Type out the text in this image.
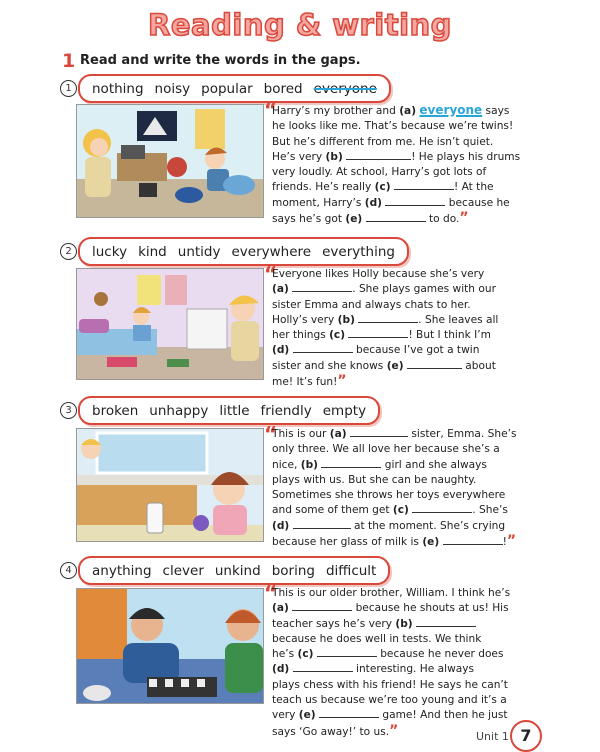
Reading & writing
1 Read and write the words in the gaps.
1	nothing noisy popular bored everyone
“
Harry’s my brother and (a) everyone says
he looks like me. That’s because we’re twins!
But he’s different from me. He isn’t quiet.
He’s very (b)	! He plays his drums
very loudly. At school, Harry’s got lots of
friends. He’s really (c)	! At the
moment, Harry’s (d)	because he
says he’s got (e)	to do.”
2	lucky kind untidy everywhere everything
“
Everyone likes Holly because she’s very
(a)	. She plays games with our
sister Emma and always chats to her.
Holly’s very (b)	. She leaves all
her things (c)	! But I think I’m
(d)	because I’ve got a twin
sister and she knows (e)	about
me! It’s fun!”
3	broken unhappy little friendly empty
“
This is our (a)	sister, Emma. She’s
only three. We all love her because she’s a
nice, (b)	girl and she always
plays with us. But she can be naughty.
Sometimes she throws her toys everywhere
and some of them get (c)	. She’s
(d)	at the moment. She’s crying
because her glass of milk is (e)	!”
4	anything clever unkind boring difficult
“
This is our older brother, William. I think he’s
(a)	because he shouts at us! His
teacher says he’s very (b)
because he does well in tests. We think
he’s (c)	because he never does
(d)	interesting. He always
plays chess with his friend! He says he can’t
teach us because we’re too young and it’s a
very (e)	game! And then he just
says ‘Go away!’ to us.”	Unit 1 7
